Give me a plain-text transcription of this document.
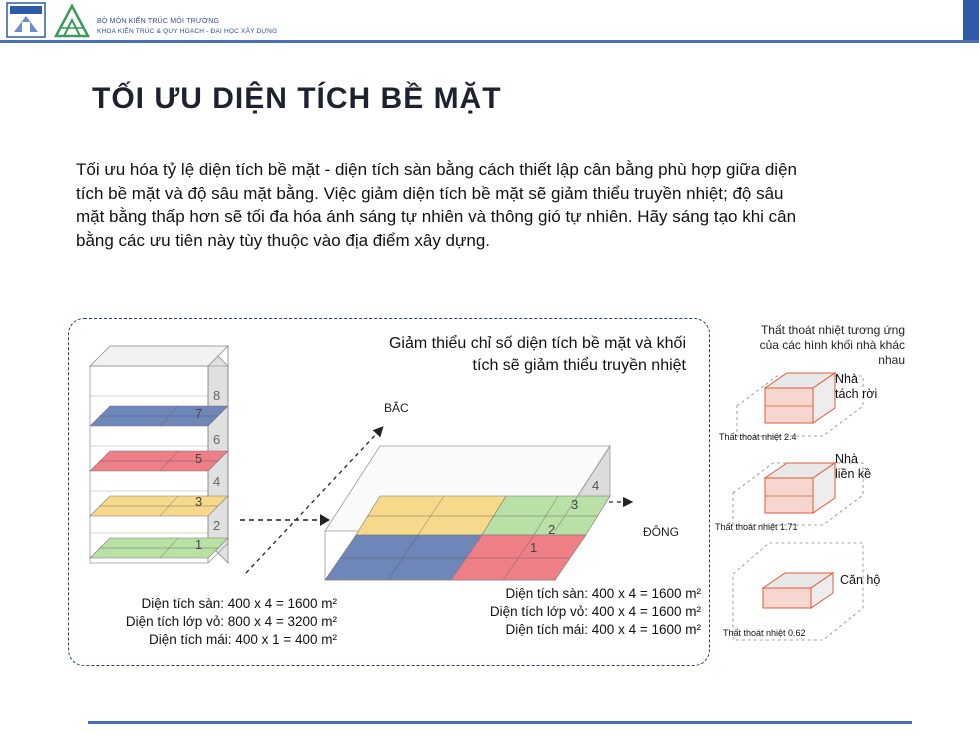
BỘ MÔN KIẾN TRÚC MÔI TRƯỜNG
KHOA KIẾN TRÚC & QUY HOẠCH - ĐẠI HỌC XÂY DỰNG
TỐI ƯU DIỆN TÍCH BỀ MẶT
Tối ưu hóa tỷ lệ diện tích bề mặt - diện tích sàn bằng cách thiết lập cân bằng phù hợp giữa diện
tích bề mặt và độ sâu mặt bằng. Việc giảm diện tích bề mặt sẽ giảm thiểu truyền nhiệt; độ sâu
mặt bằng thấp hơn sẽ tối đa hóa ánh sáng tự nhiên và thông gió tự nhiên. Hãy sáng tạo khi cân
bằng các ưu tiên này tùy thuộc vào địa điểm xây dựng.
8
7
6
5
4
3
2
1
BẮC
ĐÔNG
4
3
2
1
Giảm thiểu chỉ số diện tích bề mặt và khối
tích sẽ giảm thiểu truyền nhiệt
Diện tích sàn: 400 x 4 = 1600 m²
Diện tích lớp vỏ: 800 x 4 = 3200 m²
Diện tích mái: 400 x 1 = 400 m²
Diện tích sàn: 400 x 4 = 1600 m²
Diện tích lớp vỏ: 400 x 4 = 1600 m²
Diện tích mái: 400 x 4 = 1600 m²
Thất thoát nhiệt tương ứng
của các hình khối nhà khác
nhau
Nhà
tách rời
Thất thoát nhiệt 2.4
Nhà
liền kề
Thất thoát nhiệt 1.71
Căn hộ
Thất thoát nhiệt 0.62
